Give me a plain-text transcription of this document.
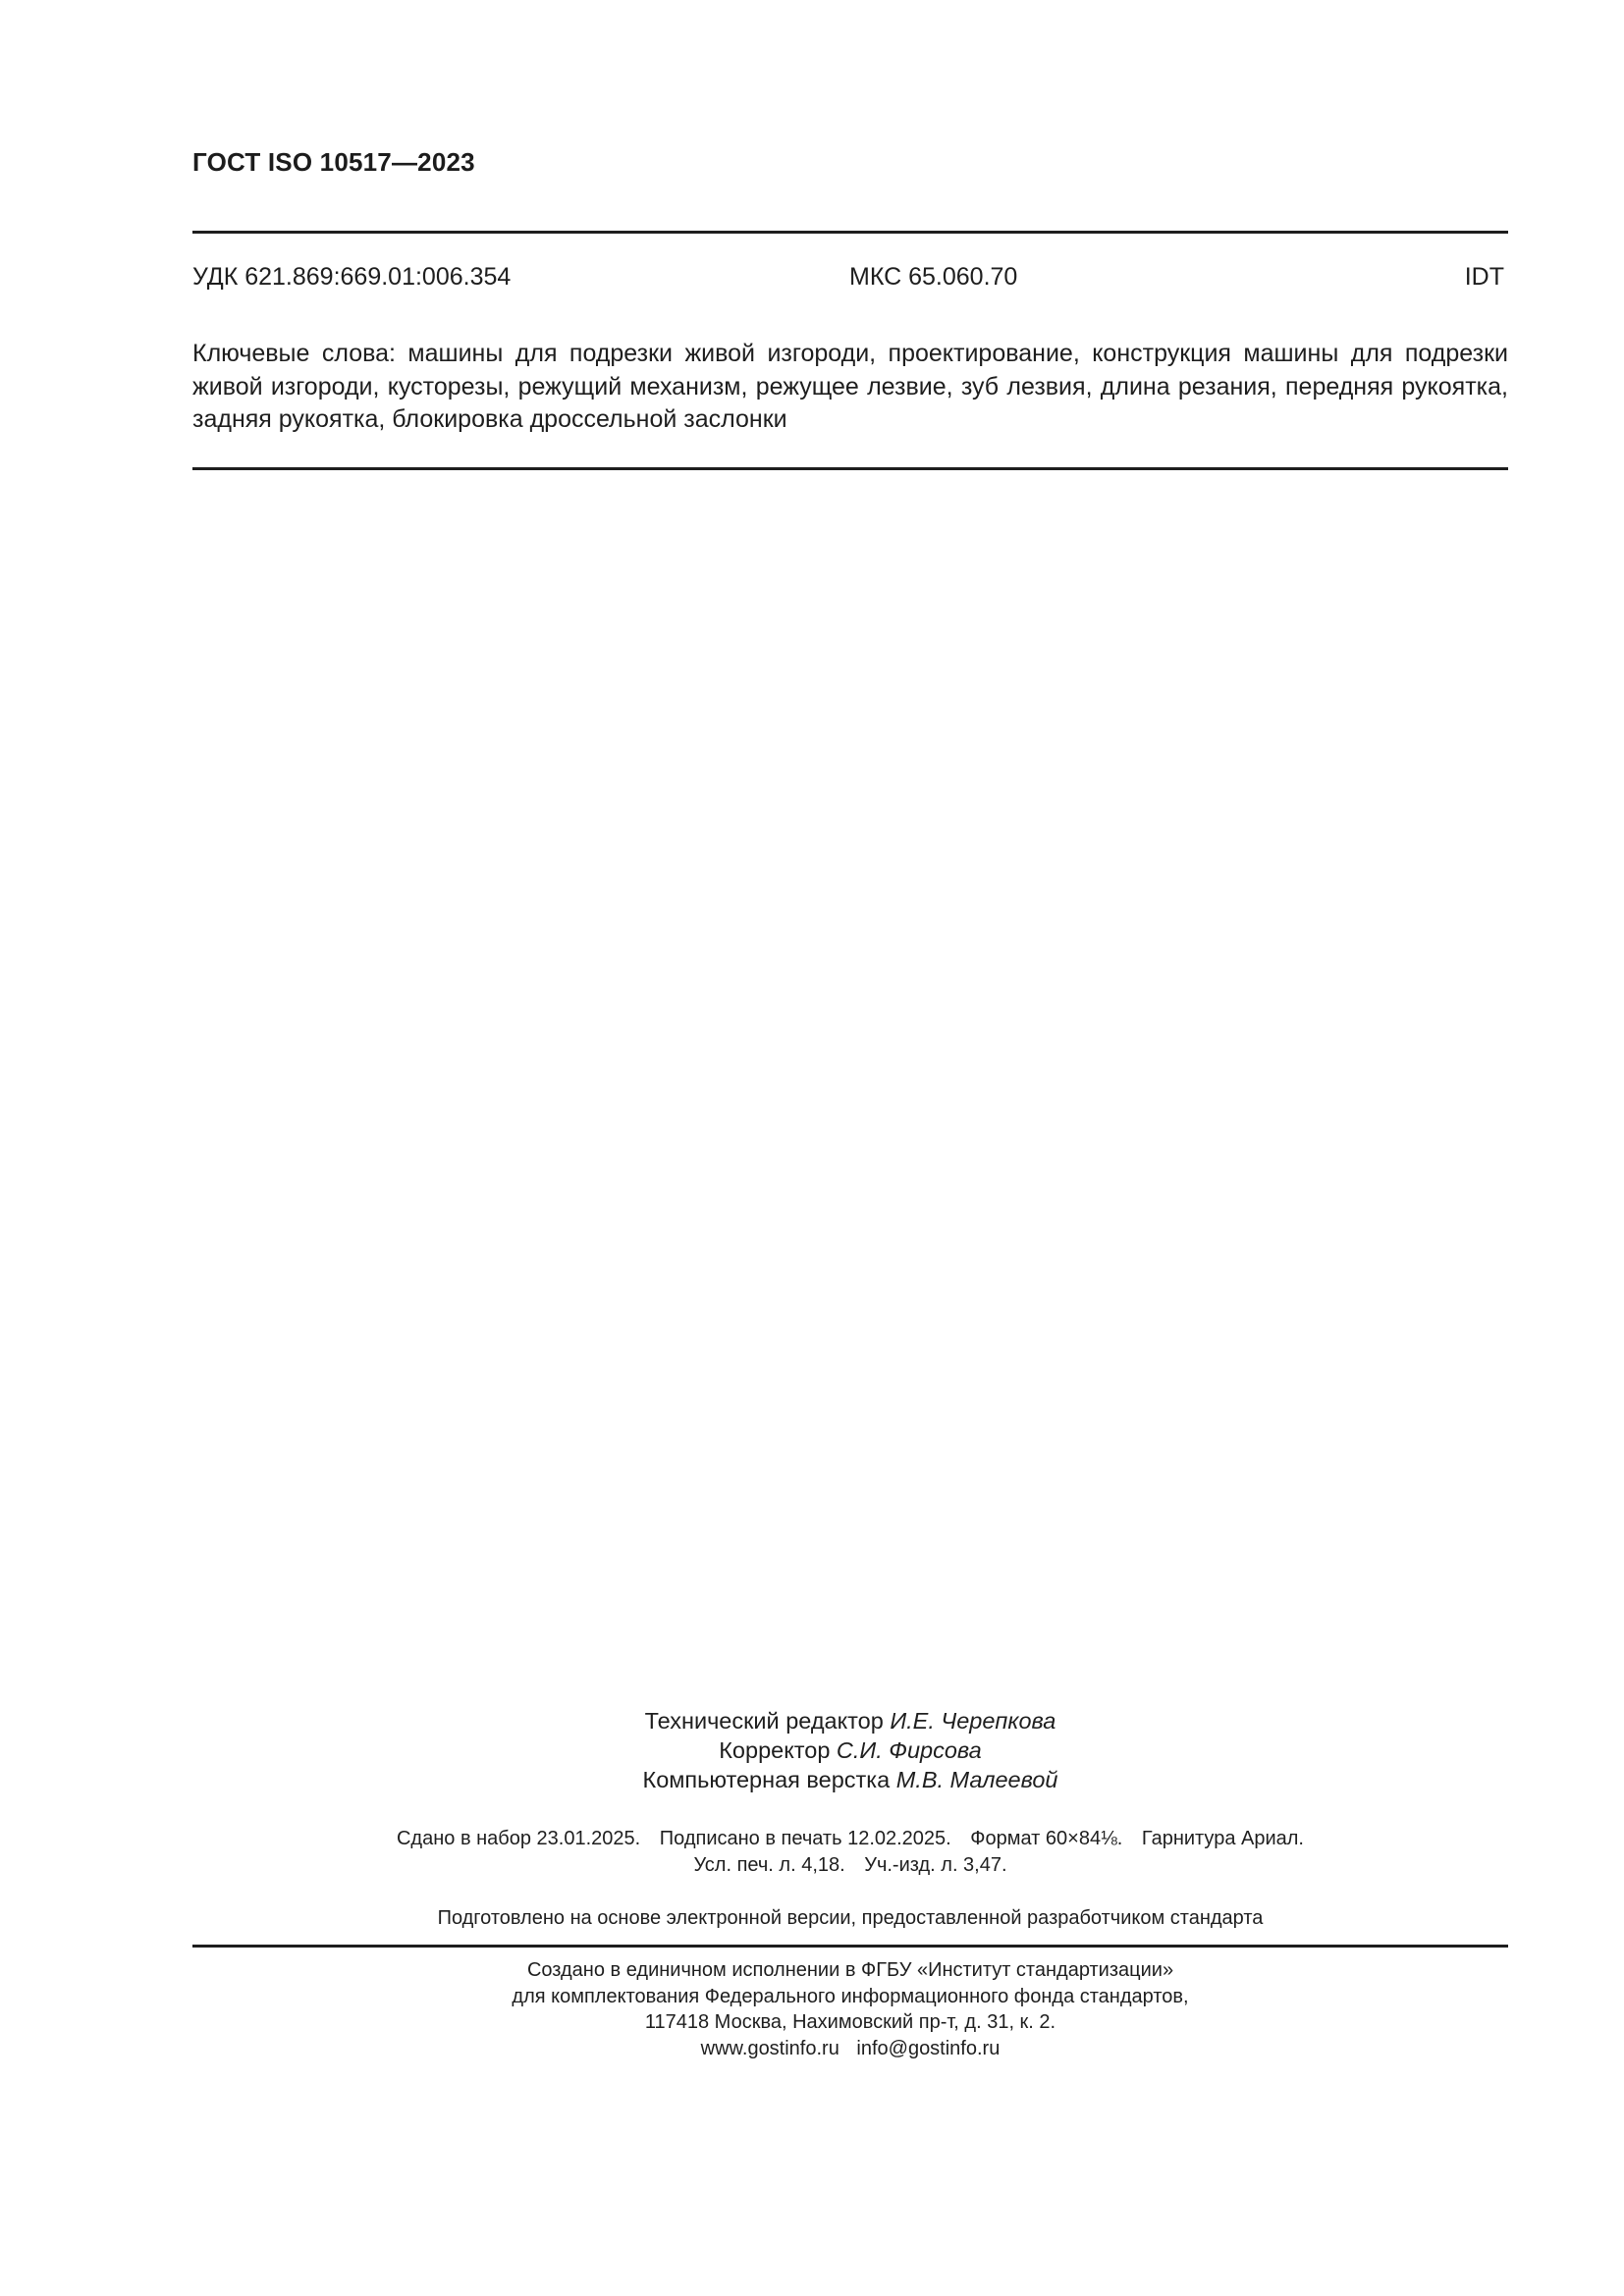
ГОСТ ISO 10517—2023
УДК 621.869:669.01:006.354	МКС 65.060.70	IDT
Ключевые слова: машины для подрезки живой изгороди, проектирование, конструкция машины для подрезки живой изгороди, кусторезы, режущий механизм, режущее лезвие, зуб лезвия, длина резания, передняя рукоятка, задняя рукоятка, блокировка дроссельной заслонки
Технический редактор И.Е. Черепкова
Корректор С.И. Фирсова
Компьютерная верстка М.В. Малеевой
Сдано в набор 23.01.2025. Подписано в печать 12.02.2025. Формат 60×84⅛. Гарнитура Ариал.
Усл. печ. л. 4,18. Уч.-изд. л. 3,47.
Подготовлено на основе электронной версии, предоставленной разработчиком стандарта
Создано в единичном исполнении в ФГБУ «Институт стандартизации»
для комплектования Федерального информационного фонда стандартов,
117418 Москва, Нахимовский пр-т, д. 31, к. 2.
www.gostinfo.ru info@gostinfo.ru
